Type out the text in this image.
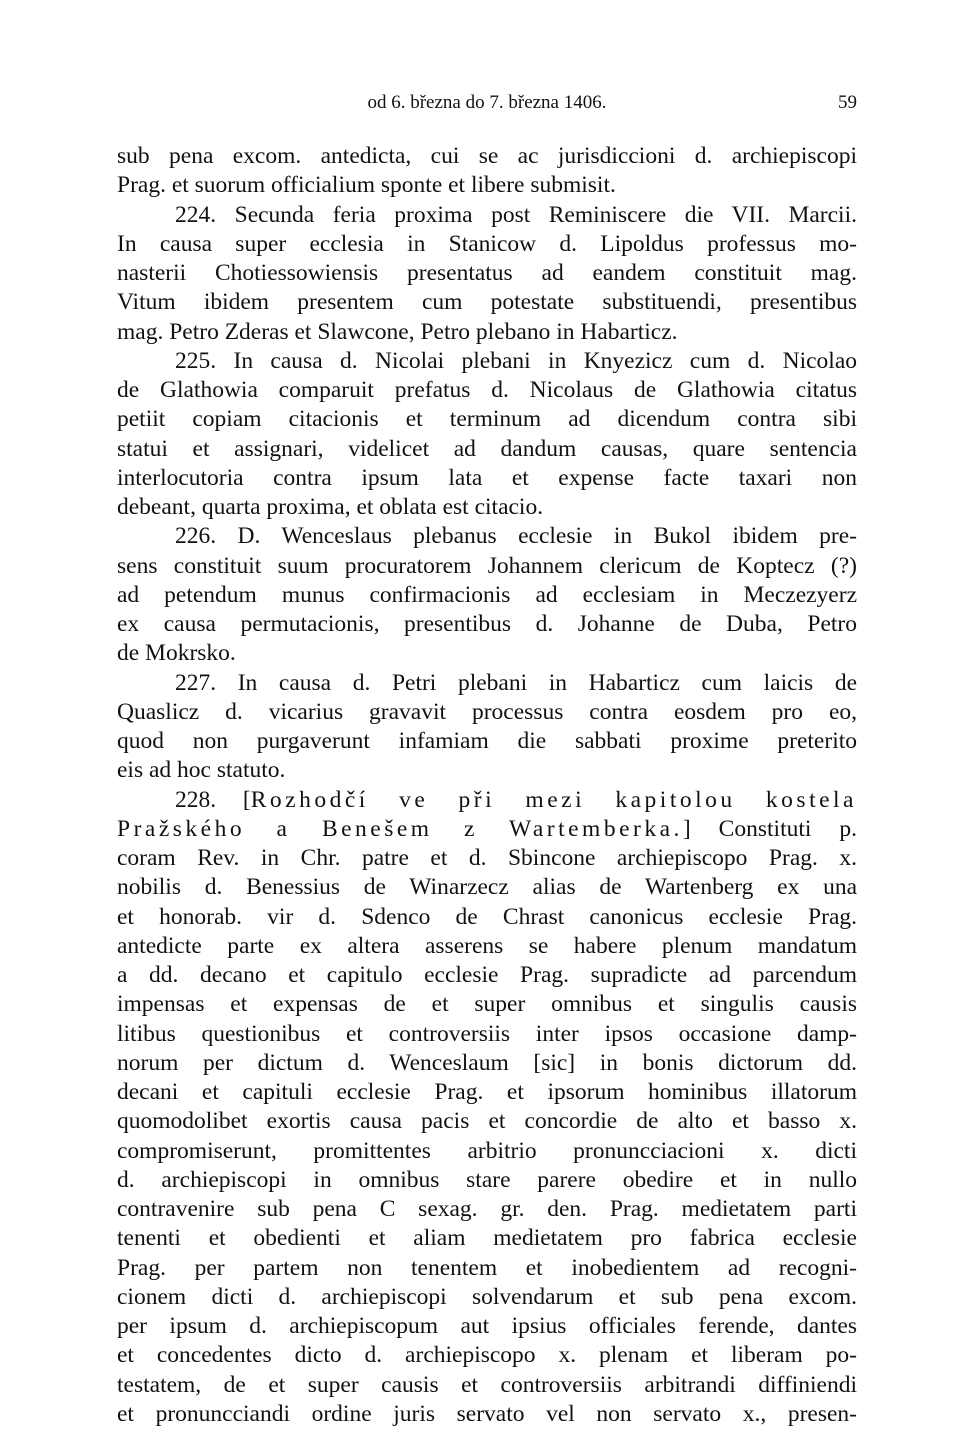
od 6. března do 7. března 1406.	59
sub pena excom. antedicta, cui se ac jurisdiccioni d. archiepiscopi
Prag. et suorum officialium sponte et libere submisit.
224. Secunda feria proxima post Reminiscere die VII. Marcii.
In causa super ecclesia in Stanicow d. Lipoldus professus mo-
nasterii Chotiessowiensis presentatus ad eandem constituit mag.
Vitum ibidem presentem cum potestate substituendi, presentibus
mag. Petro Zderas et Slawcone, Petro plebano in Habarticz.
225. In causa d. Nicolai plebani in Knyezicz cum d. Nicolao
de Glathowia comparuit prefatus d. Nicolaus de Glathowia citatus
petiit copiam citacionis et terminum ad dicendum contra sibi
statui et assignari, videlicet ad dandum causas, quare sentencia
interlocutoria contra ipsum lata et expense facte taxari non
debeant, quarta proxima, et oblata est citacio.
226. D. Wenceslaus plebanus ecclesie in Bukol ibidem pre-
sens constituit suum procuratorem Johannem clericum de Koptecz (?)
ad petendum munus confirmacionis ad ecclesiam in Meczezyerz
ex causa permutacionis, presentibus d. Johanne de Duba, Petro
de Mokrsko.
227. In causa d. Petri plebani in Habarticz cum laicis de
Quaslicz d. vicarius gravavit processus contra eosdem pro eo,
quod non purgaverunt infamiam die sabbati proxime preterito
eis ad hoc statuto.
228. [Rozhodčí ve při mezi kapitolou kostela
Pražského a Benešem z Wartemberka.] Constituti p.
coram Rev. in Chr. patre et d. Sbincone archiepiscopo Prag. x.
nobilis d. Benessius de Winarzecz alias de Wartenberg ex una
et honorab. vir d. Sdenco de Chrast canonicus ecclesie Prag.
antedicte parte ex altera asserens se habere plenum mandatum
a dd. decano et capitulo ecclesie Prag. supradicte ad parcendum
impensas et expensas de et super omnibus et singulis causis
litibus questionibus et controversiis inter ipsos occasione damp-
norum per dictum d. Wenceslaum [sic] in bonis dictorum dd.
decani et capituli ecclesie Prag. et ipsorum hominibus illatorum
quomodolibet exortis causa pacis et concordie de alto et basso x.
compromiserunt, promittentes arbitrio pronuncciacioni x. dicti
d. archiepiscopi in omnibus stare parere obedire et in nullo
contravenire sub pena C sexag. gr. den. Prag. medietatem parti
tenenti et obedienti et aliam medietatem pro fabrica ecclesie
Prag. per partem non tenentem et inobedientem ad recogni-
cionem dicti d. archiepiscopi solvendarum et sub pena excom.
per ipsum d. archiepiscopum aut ipsius officiales ferende, dantes
et concedentes dicto d. archiepiscopo x. plenam et liberam po-
testatem, de et super causis et controversiis arbitrandi diffiniendi
et pronuncciandi ordine juris servato vel non servato x., presen-
